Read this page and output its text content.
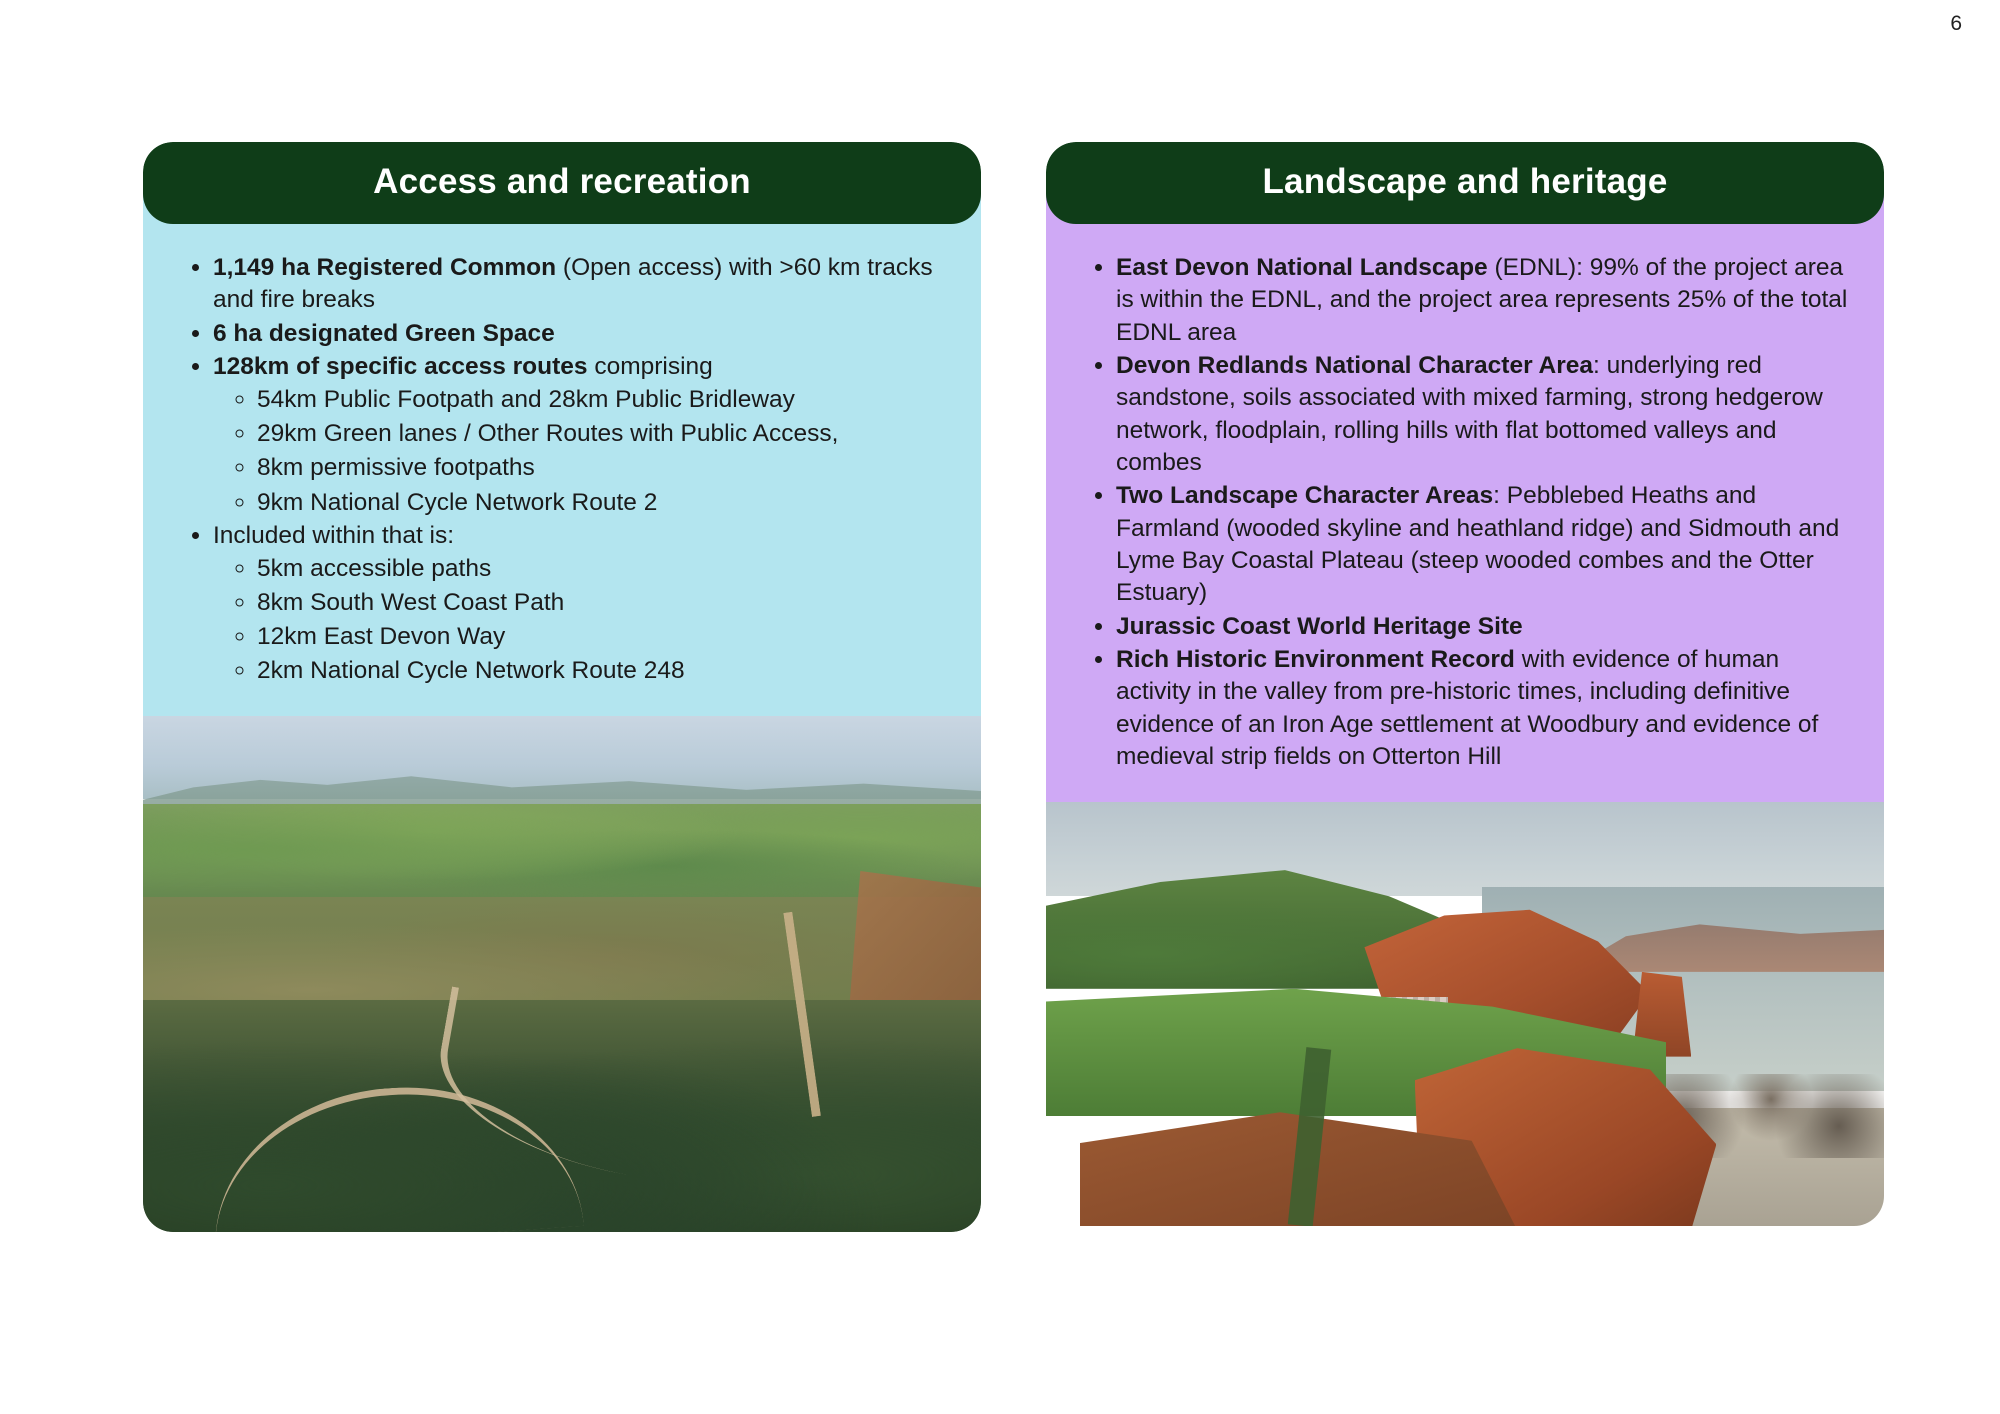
6
Access and recreation
• 1,149 ha Registered Common (Open access) with >60 km tracks and fire breaks
• 6 ha designated Green Space
• 128km of specific access routes comprising
◦ 54km Public Footpath and 28km Public Bridleway
◦ 29km Green lanes / Other Routes with Public Access,
◦ 8km permissive footpaths
◦ 9km National Cycle Network Route 2
• Included within that is:
◦ 5km accessible paths
◦ 8km South West Coast Path
◦ 12km East Devon Way
◦ 2km National Cycle Network Route 248
Landscape and heritage
• East Devon National Landscape (EDNL): 99% of the project area is within the EDNL, and the project area represents 25% of the total EDNL area
• Devon Redlands National Character Area: underlying red sandstone, soils associated with mixed farming, strong hedgerow network, floodplain, rolling hills with flat bottomed valleys and combes
• Two Landscape Character Areas: Pebblebed Heaths and Farmland (wooded skyline and heathland ridge) and Sidmouth and Lyme Bay Coastal Plateau (steep wooded combes and the Otter Estuary)
• Jurassic Coast World Heritage Site
• Rich Historic Environment Record with evidence of human activity in the valley from pre-historic times, including definitive evidence of an Iron Age settlement at Woodbury and evidence of medieval strip fields on Otterton Hill
